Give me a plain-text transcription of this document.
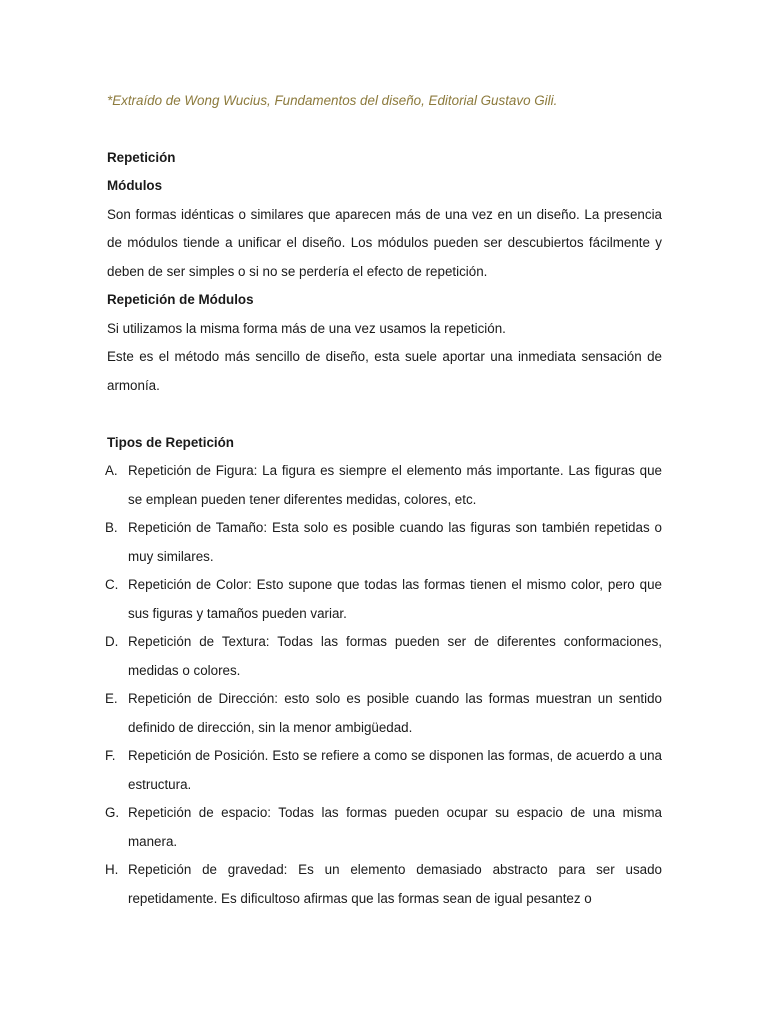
*Extraído de Wong Wucius, Fundamentos del diseño, Editorial Gustavo Gili.

Repetición

Módulos

Son formas idénticas o similares que aparecen más de una vez en un diseño. La presencia de módulos tiende a unificar el diseño. Los módulos pueden ser descubiertos fácilmente y deben de ser simples o si no se perdería el efecto de repetición.

Repetición de Módulos

Si utilizamos la misma forma más de una vez usamos la repetición.

Este es el método más sencillo de diseño, esta suele aportar una inmediata sensación de armonía.

Tipos de Repetición

A. Repetición de Figura: La figura es siempre el elemento más importante. Las figuras que se emplean pueden tener diferentes medidas, colores, etc.
B. Repetición de Tamaño: Esta solo es posible cuando las figuras son también repetidas o muy similares.
C. Repetición de Color: Esto supone que todas las formas tienen el mismo color, pero que sus figuras y tamaños pueden variar.
D. Repetición de Textura: Todas las formas pueden ser de diferentes conformaciones, medidas o colores.
E. Repetición de Dirección: esto solo es posible cuando las formas muestran un sentido definido de dirección, sin la menor ambigüedad.
F. Repetición de Posición. Esto se refiere a como se disponen las formas, de acuerdo a una estructura.
G. Repetición de espacio: Todas las formas pueden ocupar su espacio de una misma manera.
H. Repetición de gravedad: Es un elemento demasiado abstracto para ser usado repetidamente. Es dificultoso afirmas que las formas sean de igual pesantez o
